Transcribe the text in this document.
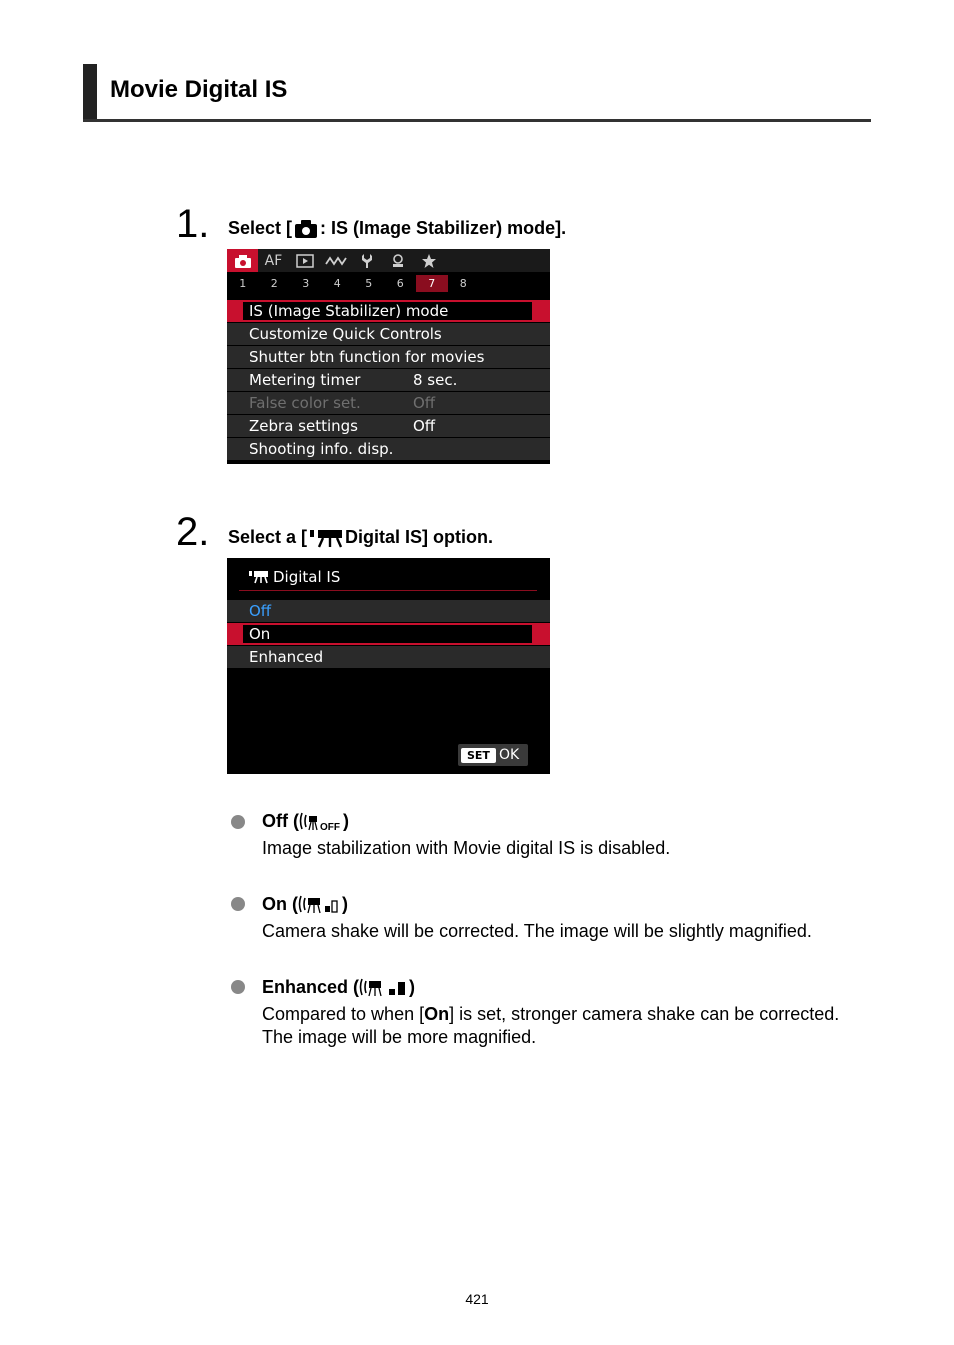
Movie Digital IS
1. Select [ : IS (Image Stabilizer) mode].
AF
1	2	3	4	5	6	7	8
IS (Image Stabilizer) mode
Customize Quick Controls
Shutter btn function for movies
Metering timer	8 sec.
False color set.	Off
Zebra settings	Off
Shooting info. disp.
2. Select a [ Digital IS] option.
Digital IS
Off
On
Enhanced
SET OK
Off ( OFF )
Image stabilization with Movie digital IS is disabled.
On ( )
Camera shake will be corrected. The image will be slightly magnified.
Enhanced (	)
Compared to when [On] is set, stronger camera shake can be corrected. The image will be more magnified.
421
